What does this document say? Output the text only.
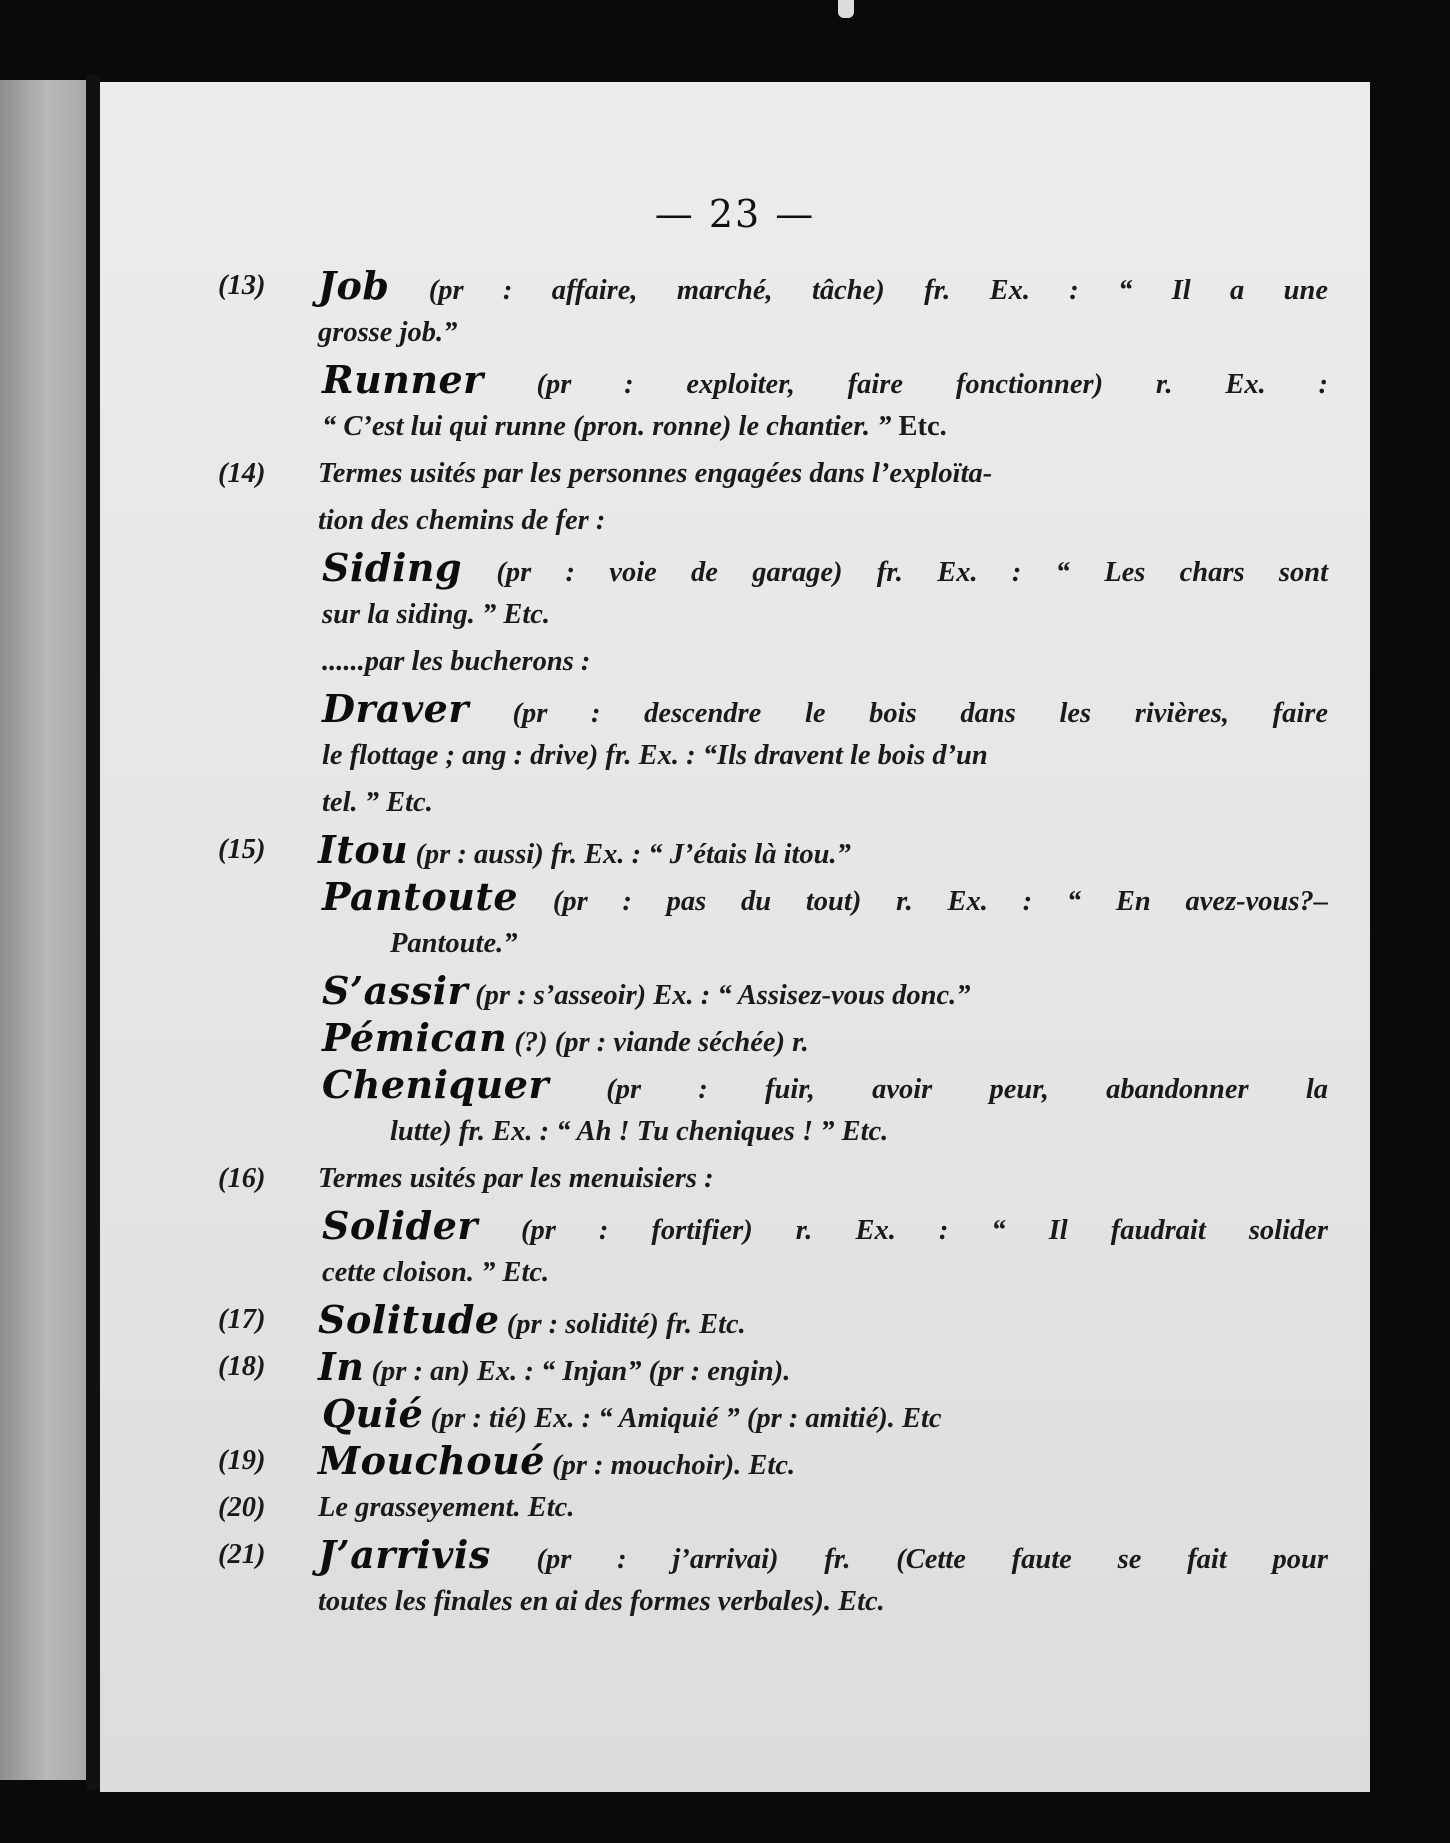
— 23 —
(13) Job (pr : affaire, marché, tâche) fr. Ex. : “ Il a une
grosse job.”
Runner (pr : exploiter, faire fonctionner) r. Ex. :
“ C’est lui qui runne (pron. ronne) le chantier. ” Etc.
(14) Termes usités par les personnes engagées dans l’exploïta-
tion des chemins de fer :
Siding (pr : voie de garage) fr. Ex. : “ Les chars sont
sur la siding. ” Etc.
......par les bucherons :
Draver (pr : descendre le bois dans les rivières, faire
le flottage ; ang : drive) fr. Ex. : “Ils dravent le bois d’un
tel. ” Etc.
(15) Itou (pr : aussi) fr. Ex. : “ J’étais là itou.”
Pantoute (pr : pas du tout) r. Ex. : “ En avez-vous?–
Pantoute.”
S’assir (pr : s’asseoir) Ex. : “ Assisez-vous donc.”
Pémican (?) (pr : viande séchée) r.
Cheniquer (pr : fuir, avoir peur, abandonner la
lutte) fr. Ex. : “ Ah ! Tu cheniques ! ” Etc.
(16) Termes usités par les menuisiers :
Solider (pr : fortifier) r. Ex. : “ Il faudrait solider
cette cloison. ” Etc.
(17) Solitude (pr : solidité) fr. Etc.
(18) In (pr : an) Ex. : “ Injan” (pr : engin).
Quié (pr : tié) Ex. : “ Amiquié ” (pr : amitié). Etc
(19) Mouchoué (pr : mouchoir). Etc.
(20) Le grasseyement. Etc.
(21) J’arrivis (pr : j’arrivai) fr. (Cette faute se fait pour
toutes les finales en ai des formes verbales). Etc.
